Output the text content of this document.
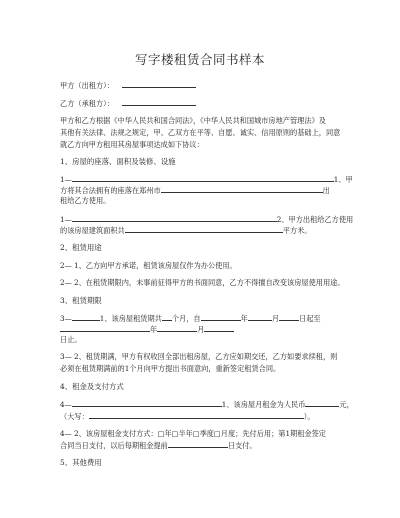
写字楼租赁合同书样本
甲方（出租方）：
乙方（承租方）：
甲方和乙方根据《中华人民共和国合同法》，《中华人民共和国城市房地产管理法》及
其他有关法律、法规之规定，甲、乙双方在平等、自愿、诚实、信用原则的基础上，同意
就乙方向甲方租用其房屋事项达成如下协议：
1、房屋的座落、面积及装修、设施
1—	1、甲
方将其合法拥有的座落在郑州市	出
租给乙方使用。
1—	2、甲方出租给乙方使用
的该房屋建筑面积共	平方米。
2、租赁用途
2— 1、乙方向甲方承诺，租赁该房屋仅作为办公使用。
2— 2、在租赁期限内，未事前征得甲方的书面同意，乙方不得擅自改变该房屋使用用途。
3、租赁期限
3—	1、该房屋租赁期共 个月，自	年	月	日起至
年	月
日止。
3— 2、租赁期满，甲方有权收回全部出租房屋，乙方应如期交还，乙方如要求续租，则
必须在租赁期满前的1个月向甲方提出书面意向，重新签定租赁合同。
4、租金及支付方式
4—	1、该房屋月租金为人民币	元，
（大写：	）。
4— 2、该房屋租金支付方式：□年□半年□季度□月度；先付后用；第1期租金签定
合同当日支付，以后每期租金提前	日支付。
5、其他费用
